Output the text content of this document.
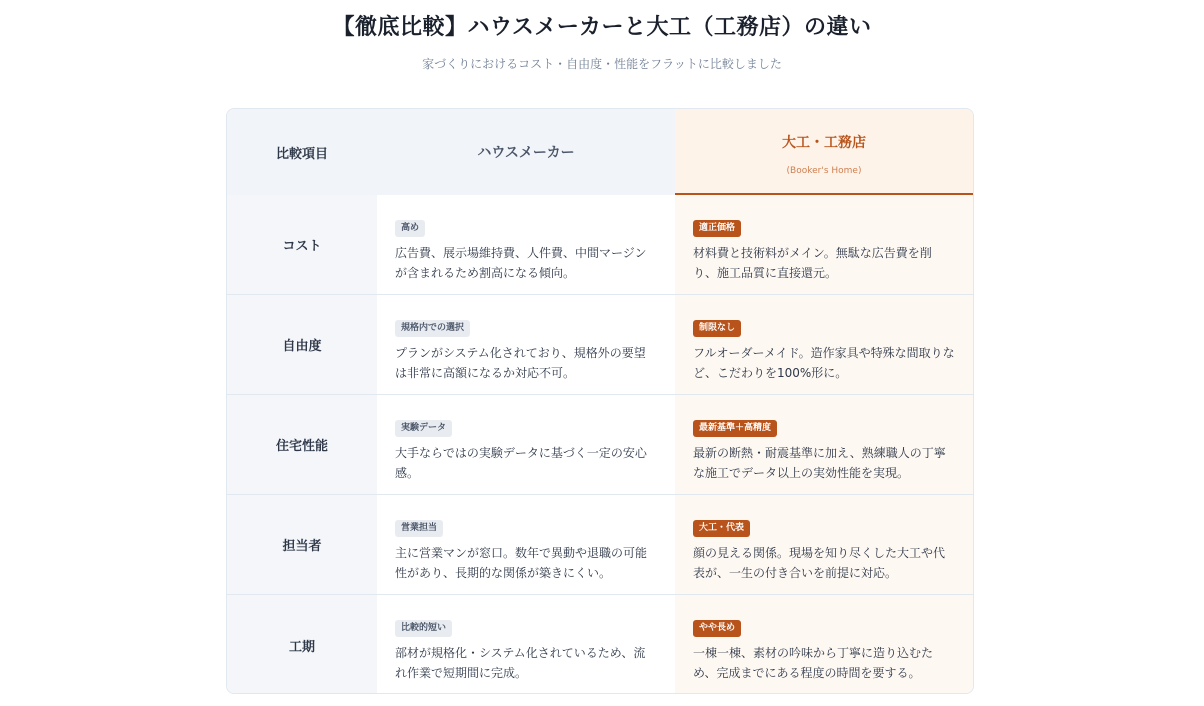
【徹底比較】ハウスメーカーと大工（工務店）の違い
家づくりにおけるコスト・自由度・性能をフラットに比較しました
比較項目	ハウスメーカー
大工・工務店
(Booker's Home)
コスト
高め
広告費、展示場維持費、人件費、中間マージンが含まれるため割高になる傾向。
適正価格
材料費と技術料がメイン。無駄な広告費を削り、施工品質に直接還元。
自由度
規格内での選択
プランがシステム化されており、規格外の要望は非常に高額になるか対応不可。
制限なし
フルオーダーメイド。造作家具や特殊な間取りなど、こだわりを100%形に。
住宅性能
実験データ
大手ならではの実験データに基づく一定の安心感。
最新基準＋高精度
最新の断熱・耐震基準に加え、熟練職人の丁寧な施工でデータ以上の実効性能を実現。
担当者
営業担当
主に営業マンが窓口。数年で異動や退職の可能性があり、長期的な関係が築きにくい。
大工・代表
顔の見える関係。現場を知り尽くした大工や代表が、一生の付き合いを前提に対応。
工期
比較的短い
部材が規格化・システム化されているため、流れ作業で短期間に完成。
やや長め
一棟一棟、素材の吟味から丁寧に造り込むため、完成までにある程度の時間を要する。
